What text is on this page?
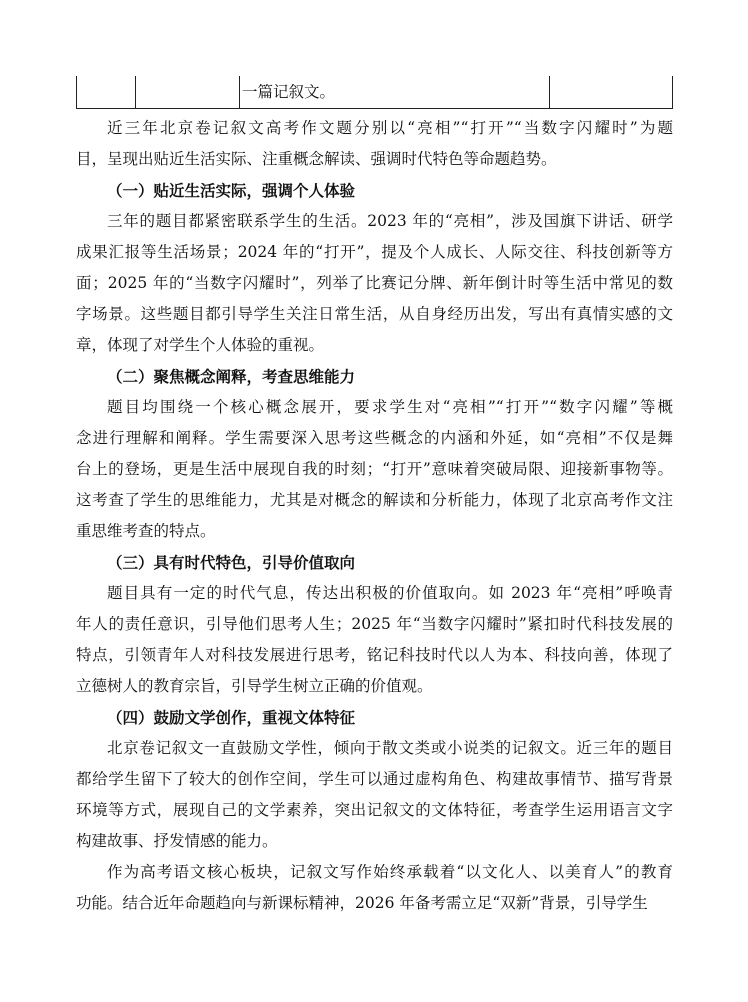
一篇记叙文。
近三年北京卷记叙文高考作文题分别以“亮相”“打开”“当数字闪耀时”为题
目，呈现出贴近生活实际、注重概念解读、强调时代特色等命题趋势。
（一）贴近生活实际，强调个人体验
三年的题目都紧密联系学生的生活。2023 年的“亮相”，涉及国旗下讲话、研学
成果汇报等生活场景；2024 年的“打开”，提及个人成长、人际交往、科技创新等方
面；2025 年的“当数字闪耀时”，列举了比赛记分牌、新年倒计时等生活中常见的数
字场景。这些题目都引导学生关注日常生活，从自身经历出发，写出有真情实感的文
章，体现了对学生个人体验的重视。
（二）聚焦概念阐释，考查思维能力
题目均围绕一个核心概念展开，要求学生对“亮相”“打开”“数字闪耀”等概
念进行理解和阐释。学生需要深入思考这些概念的内涵和外延，如“亮相”不仅是舞
台上的登场，更是生活中展现自我的时刻；“打开”意味着突破局限、迎接新事物等。
这考查了学生的思维能力，尤其是对概念的解读和分析能力，体现了北京高考作文注
重思维考查的特点。
（三）具有时代特色，引导价值取向
题目具有一定的时代气息，传达出积极的价值取向。如 2023 年“亮相”呼唤青
年人的责任意识，引导他们思考人生；2025 年“当数字闪耀时”紧扣时代科技发展的
特点，引领青年人对科技发展进行思考，铭记科技时代以人为本、科技向善，体现了
立德树人的教育宗旨，引导学生树立正确的价值观。
（四）鼓励文学创作，重视文体特征
北京卷记叙文一直鼓励文学性，倾向于散文类或小说类的记叙文。近三年的题目
都给学生留下了较大的创作空间，学生可以通过虚构角色、构建故事情节、描写背景
环境等方式，展现自己的文学素养，突出记叙文的文体特征，考查学生运用语言文字
构建故事、抒发情感的能力。
作为高考语文核心板块，记叙文写作始终承载着“以文化人、以美育人”的教育
功能。结合近年命题趋向与新课标精神，2026 年备考需立足“双新”背景，引导学生
